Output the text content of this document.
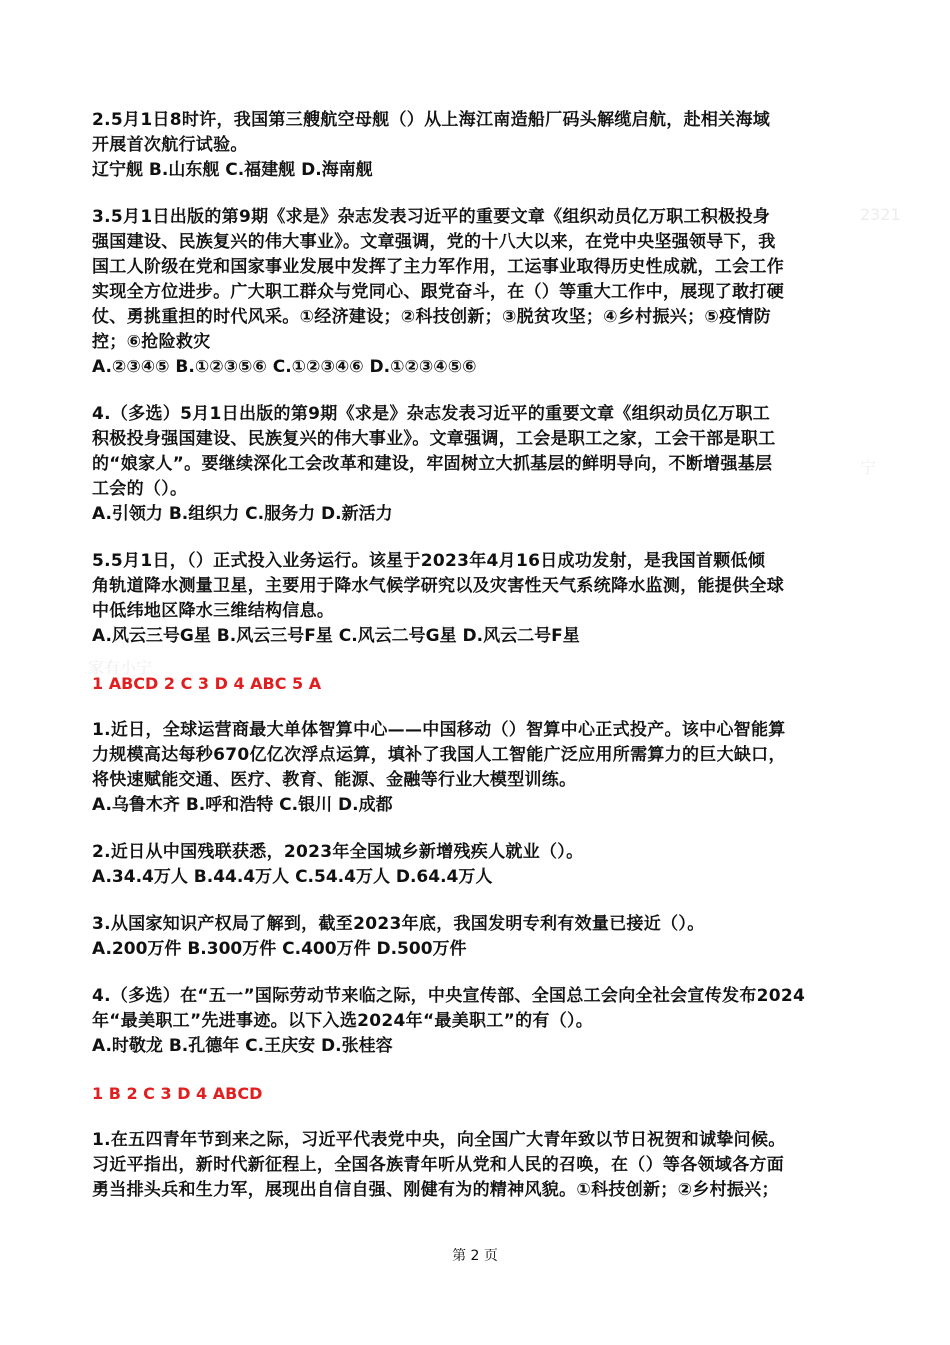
家有小宁
宁
2321
2.5月1日8时许，我国第三艘航空母舰（）从上海江南造船厂码头解缆启航，赴相关海域
开展首次航行试验。
辽宁舰 B.山东舰 C.福建舰 D.海南舰
3.5月1日出版的第9期《求是》杂志发表习近平的重要文章《组织动员亿万职工积极投身
强国建设、民族复兴的伟大事业》。文章强调，党的十八大以来，在党中央坚强领导下，我
国工人阶级在党和国家事业发展中发挥了主力军作用，工运事业取得历史性成就，工会工作
实现全方位进步。广大职工群众与党同心、跟党奋斗，在（）等重大工作中，展现了敢打硬
仗、勇挑重担的时代风采。①经济建设；②科技创新；③脱贫攻坚；④乡村振兴；⑤疫情防
控；⑥抢险救灾
A.②③④⑤ B.①②③⑤⑥ C.①②③④⑥ D.①②③④⑤⑥
4.（多选）5月1日出版的第9期《求是》杂志发表习近平的重要文章《组织动员亿万职工
积极投身强国建设、民族复兴的伟大事业》。文章强调，工会是职工之家，工会干部是职工
的“娘家人”。要继续深化工会改革和建设，牢固树立大抓基层的鲜明导向，不断增强基层
工会的（）。
A.引领力 B.组织力 C.服务力 D.新活力
5.5月1日，（）正式投入业务运行。该星于2023年4月16日成功发射，是我国首颗低倾
角轨道降水测量卫星，主要用于降水气候学研究以及灾害性天气系统降水监测，能提供全球
中低纬地区降水三维结构信息。
A.风云三号G星 B.风云三号F星 C.风云二号G星 D.风云二号F星
1 ABCD 2 C 3 D 4 ABC 5 A
1.近日，全球运营商最大单体智算中心——中国移动（）智算中心正式投产。该中心智能算
力规模高达每秒670亿亿次浮点运算，填补了我国人工智能广泛应用所需算力的巨大缺口，
将快速赋能交通、医疗、教育、能源、金融等行业大模型训练。
A.乌鲁木齐 B.呼和浩特 C.银川 D.成都
2.近日从中国残联获悉，2023年全国城乡新增残疾人就业（）。
A.34.4万人 B.44.4万人 C.54.4万人 D.64.4万人
3.从国家知识产权局了解到，截至2023年底，我国发明专利有效量已接近（）。
A.200万件 B.300万件 C.400万件 D.500万件
4.（多选）在“五一”国际劳动节来临之际，中央宣传部、全国总工会向全社会宣传发布2024
年“最美职工”先进事迹。以下入选2024年“最美职工”的有（）。
A.时敬龙 B.孔德年 C.王庆安 D.张桂容
1 B 2 C 3 D 4 ABCD
1.在五四青年节到来之际，习近平代表党中央，向全国广大青年致以节日祝贺和诚挚问候。
习近平指出，新时代新征程上，全国各族青年听从党和人民的召唤，在（）等各领域各方面
勇当排头兵和生力军，展现出自信自强、刚健有为的精神风貌。①科技创新；②乡村振兴；
第 2 页
